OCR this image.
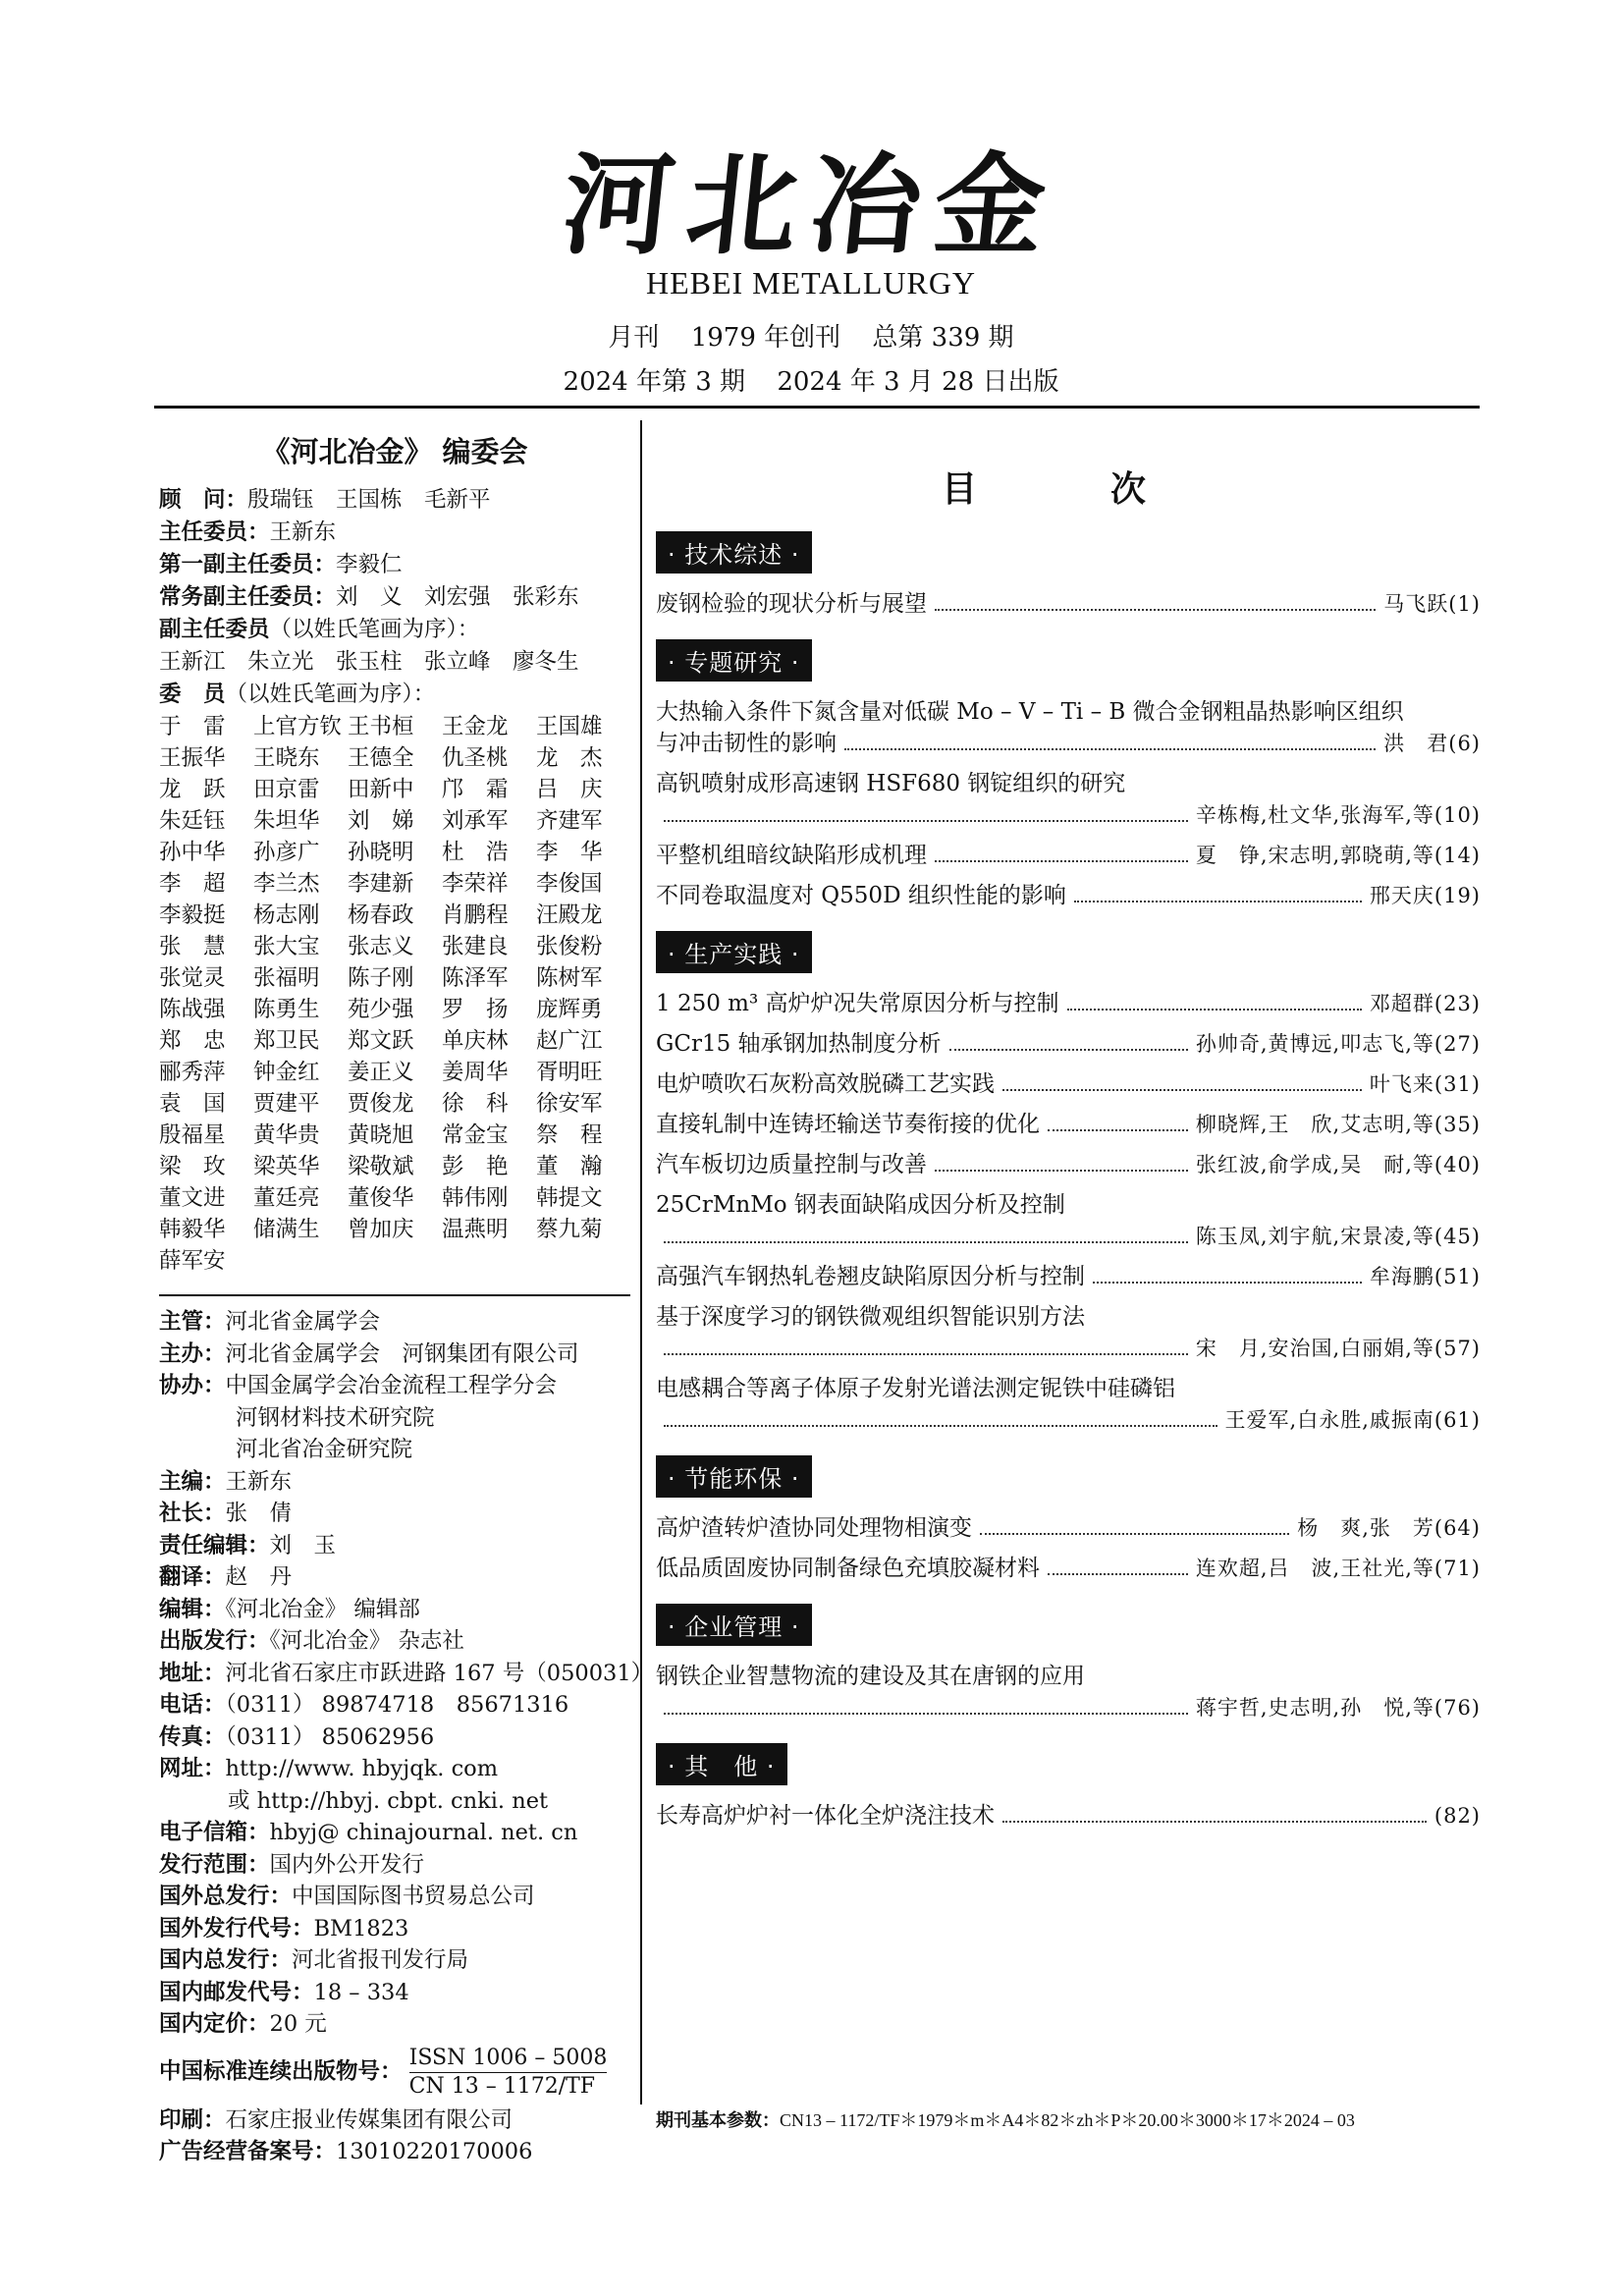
河北冶金
HEBEI METALLURGY
月刊 1979 年创刊 总第 339 期
2024 年第 3 期 2024 年 3 月 28 日出版
《河北冶金》 编委会
顾　问：殷瑞钰　王国栋　毛新平
主任委员：王新东
第一副主任委员：李毅仁
常务副主任委员：刘　义　刘宏强　张彩东
副主任委员（以姓氏笔画为序）：
王新江　朱立光　张玉柱　张立峰　廖冬生
委　员（以姓氏笔画为序）：
于　雷	上官方钦 王书桓	王金龙	王国雄
王振华	王晓东	王德全	仇圣桃	龙　杰
龙　跃	田京雷	田新中	邝　霜	吕　庆
朱廷钰	朱坦华	刘　娣	刘承军	齐建军
孙中华	孙彦广	孙晓明	杜　浩	李　华
李　超	李兰杰	李建新	李荣祥	李俊国
李毅挺	杨志刚	杨春政	肖鹏程	汪殿龙
张　慧	张大宝	张志义	张建良	张俊粉
张觉灵	张福明	陈子刚	陈泽军	陈树军
陈战强	陈勇生	苑少强	罗　扬	庞辉勇
郑　忠	郑卫民	郑文跃	单庆林	赵广江
郦秀萍	钟金红	姜正义	姜周华	胥明旺
袁　国	贾建平	贾俊龙	徐　科	徐安军
殷福星	黄华贵	黄晓旭	常金宝	祭　程
梁　玫	梁英华	梁敬斌	彭　艳	董　瀚
董文进	董廷亮	董俊华	韩伟刚	韩提文
韩毅华	储满生	曾加庆	温燕明	蔡九菊
薛军安
主管：河北省金属学会
主办：河北省金属学会　河钢集团有限公司
协办：中国金属学会冶金流程工程学分会
河钢材料技术研究院
河北省冶金研究院
主编：王新东
社长：张　倩
责任编辑：刘　玉
翻译：赵　丹
编辑：《河北冶金》 编辑部
出版发行：《河北冶金》 杂志社
地址：河北省石家庄市跃进路 167 号（050031）
电话：（0311） 89874718　85671316
传真：（0311） 85062956
网址：http://www. hbyjqk. com
或 http://hbyj. cbpt. cnki. net
电子信箱：hbyj@ chinajournal. net. cn
发行范围：国内外公开发行
国外总发行：中国国际图书贸易总公司
国外发行代号：BM1823
国内总发行：河北省报刊发行局
国内邮发代号：18 – 334
国内定价：20 元
中国标准连续出版物号：
ISSN 1006 – 5008
CN 13 – 1172/TF
印刷：石家庄报业传媒集团有限公司
广告经营备案号：13010220170006
目　次
· 技术综述 ·
废钢检验的现状分析与展望	马飞跃(1)
· 专题研究 ·
大热输入条件下氮含量对低碳 Mo – V – Ti – B 微合金钢粗晶热影响区组织
与冲击韧性的影响	洪　君(6)
高钒喷射成形高速钢 HSF680 钢锭组织的研究
辛栋梅,杜文华,张海军,等(10)
平整机组暗纹缺陷形成机理	夏　铮,宋志明,郭晓萌,等(14)
不同卷取温度对 Q550D 组织性能的影响	邢天庆(19)
· 生产实践 ·
1 250 m³ 高炉炉况失常原因分析与控制	邓超群(23)
GCr15 轴承钢加热制度分析	孙帅奇,黄博远,叩志飞,等(27)
电炉喷吹石灰粉高效脱磷工艺实践	叶飞来(31)
直接轧制中连铸坯输送节奏衔接的优化	柳晓辉,王　欣,艾志明,等(35)
汽车板切边质量控制与改善	张红波,俞学成,吴　耐,等(40)
25CrMnMo 钢表面缺陷成因分析及控制
陈玉凤,刘宇航,宋景凌,等(45)
高强汽车钢热轧卷翘皮缺陷原因分析与控制	牟海鹏(51)
基于深度学习的钢铁微观组织智能识别方法
宋　月,安治国,白丽娟,等(57)
电感耦合等离子体原子发射光谱法测定铌铁中硅磷铝
王爱军,白永胜,戚振南(61)
· 节能环保 ·
高炉渣转炉渣协同处理物相演变	杨　爽,张　芳(64)
低品质固废协同制备绿色充填胶凝材料	连欢超,吕　波,王社光,等(71)
· 企业管理 ·
钢铁企业智慧物流的建设及其在唐钢的应用
蒋宇哲,史志明,孙　悦,等(76)
· 其　他 ·
长寿高炉炉衬一体化全炉浇注技术	(82)
期刊基本参数：CN13 – 1172/TF＊1979＊m＊A4＊82＊zh＊P＊20.00＊3000＊17＊2024 – 03
